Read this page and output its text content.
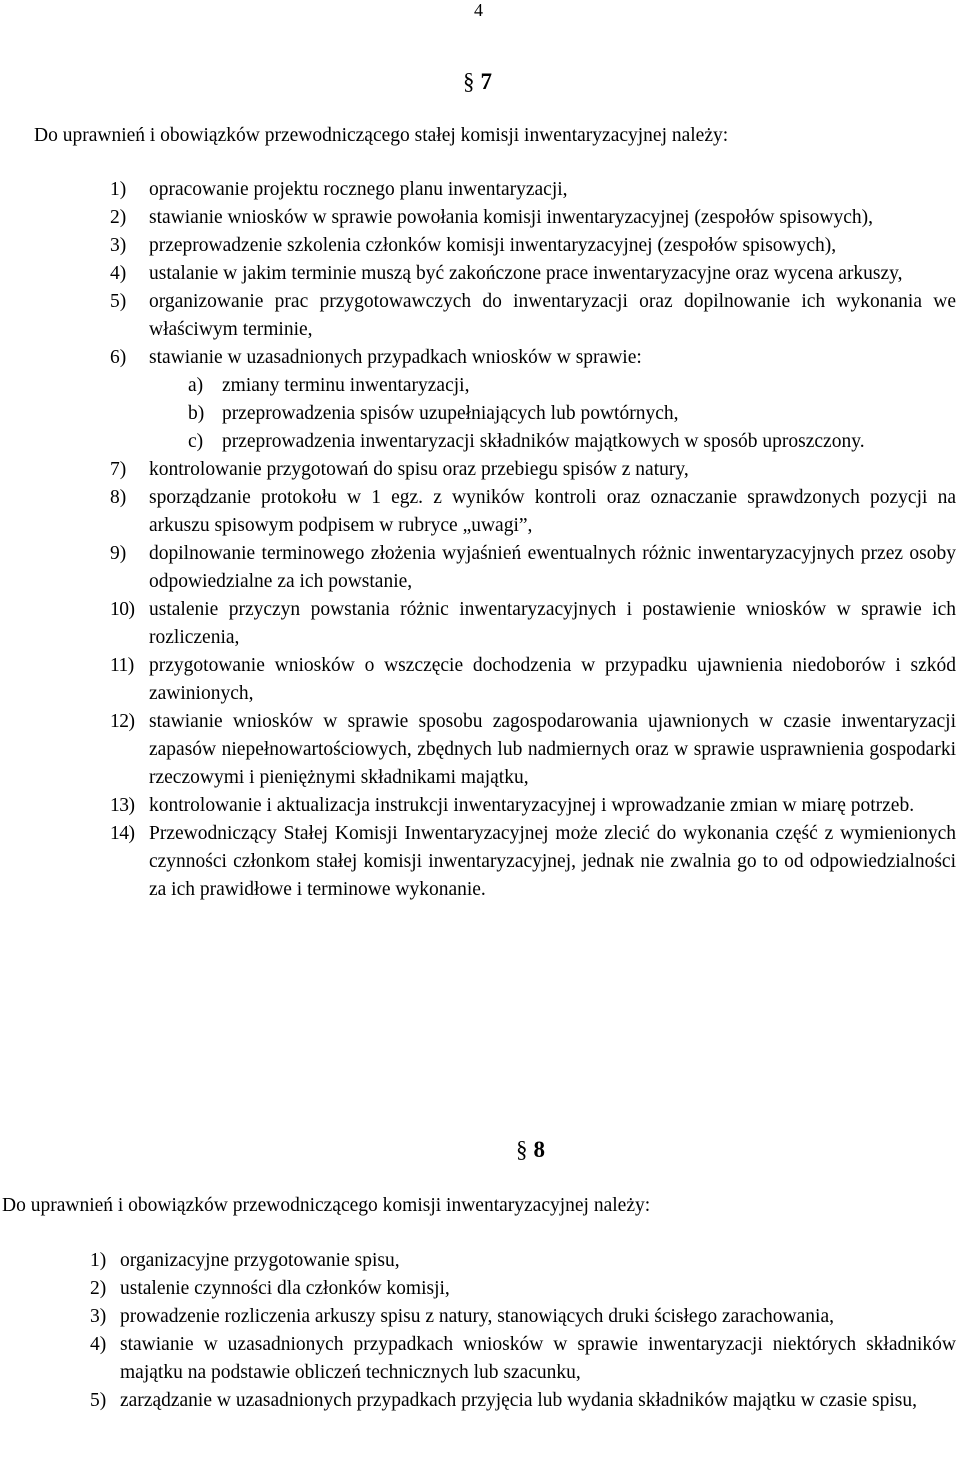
4
§ 7
Do uprawnień i obowiązków przewodniczącego stałej komisji inwentaryzacyjnej należy:
1) opracowanie projektu rocznego planu inwentaryzacji,
2) stawianie wniosków w sprawie powołania komisji inwentaryzacyjnej (zespołów spisowych),
3) przeprowadzenie szkolenia członków komisji inwentaryzacyjnej (zespołów spisowych),
4) ustalanie w jakim terminie muszą być zakończone prace inwentaryzacyjne oraz wycena arkuszy,
5) organizowanie prac przygotowawczych do inwentaryzacji oraz dopilnowanie ich wykonania we właściwym terminie,
6) stawianie w uzasadnionych przypadkach wniosków w sprawie:
a) zmiany terminu inwentaryzacji,
b) przeprowadzenia spisów uzupełniających lub powtórnych,
c) przeprowadzenia inwentaryzacji składników majątkowych w sposób uproszczony.
7) kontrolowanie przygotowań do spisu oraz przebiegu spisów z natury,
8) sporządzanie protokołu w 1 egz. z wyników kontroli oraz oznaczanie sprawdzonych pozycji na arkuszu spisowym podpisem w rubryce „uwagi”,
9) dopilnowanie terminowego złożenia wyjaśnień ewentualnych różnic inwentaryzacyjnych przez osoby odpowiedzialne za ich powstanie,
10) ustalenie przyczyn powstania różnic inwentaryzacyjnych i postawienie wniosków w sprawie ich rozliczenia,
11) przygotowanie wniosków o wszczęcie dochodzenia w przypadku ujawnienia niedoborów i szkód zawinionych,
12) stawianie wniosków w sprawie sposobu zagospodarowania ujawnionych w czasie inwentaryzacji zapasów niepełnowartościowych, zbędnych lub nadmiernych oraz w sprawie usprawnienia gospodarki rzeczowymi i pieniężnymi składnikami majątku,
13) kontrolowanie i aktualizacja instrukcji inwentaryzacyjnej i wprowadzanie zmian w miarę potrzeb.
14) Przewodniczący Stałej Komisji Inwentaryzacyjnej może zlecić do wykonania część z wymienionych czynności członkom stałej komisji inwentaryzacyjnej, jednak nie zwalnia go to od odpowiedzialności za ich prawidłowe i terminowe wykonanie.
§ 8
Do uprawnień i obowiązków przewodniczącego komisji inwentaryzacyjnej należy:
1) organizacyjne przygotowanie spisu,
2) ustalenie czynności dla członków komisji,
3) prowadzenie rozliczenia arkuszy spisu z natury, stanowiących druki ścisłego zarachowania,
4) stawianie w uzasadnionych przypadkach wniosków w sprawie inwentaryzacji niektórych składników majątku na podstawie obliczeń technicznych lub szacunku,
5) zarządzanie w uzasadnionych przypadkach przyjęcia lub wydania składników majątku w czasie spisu,
